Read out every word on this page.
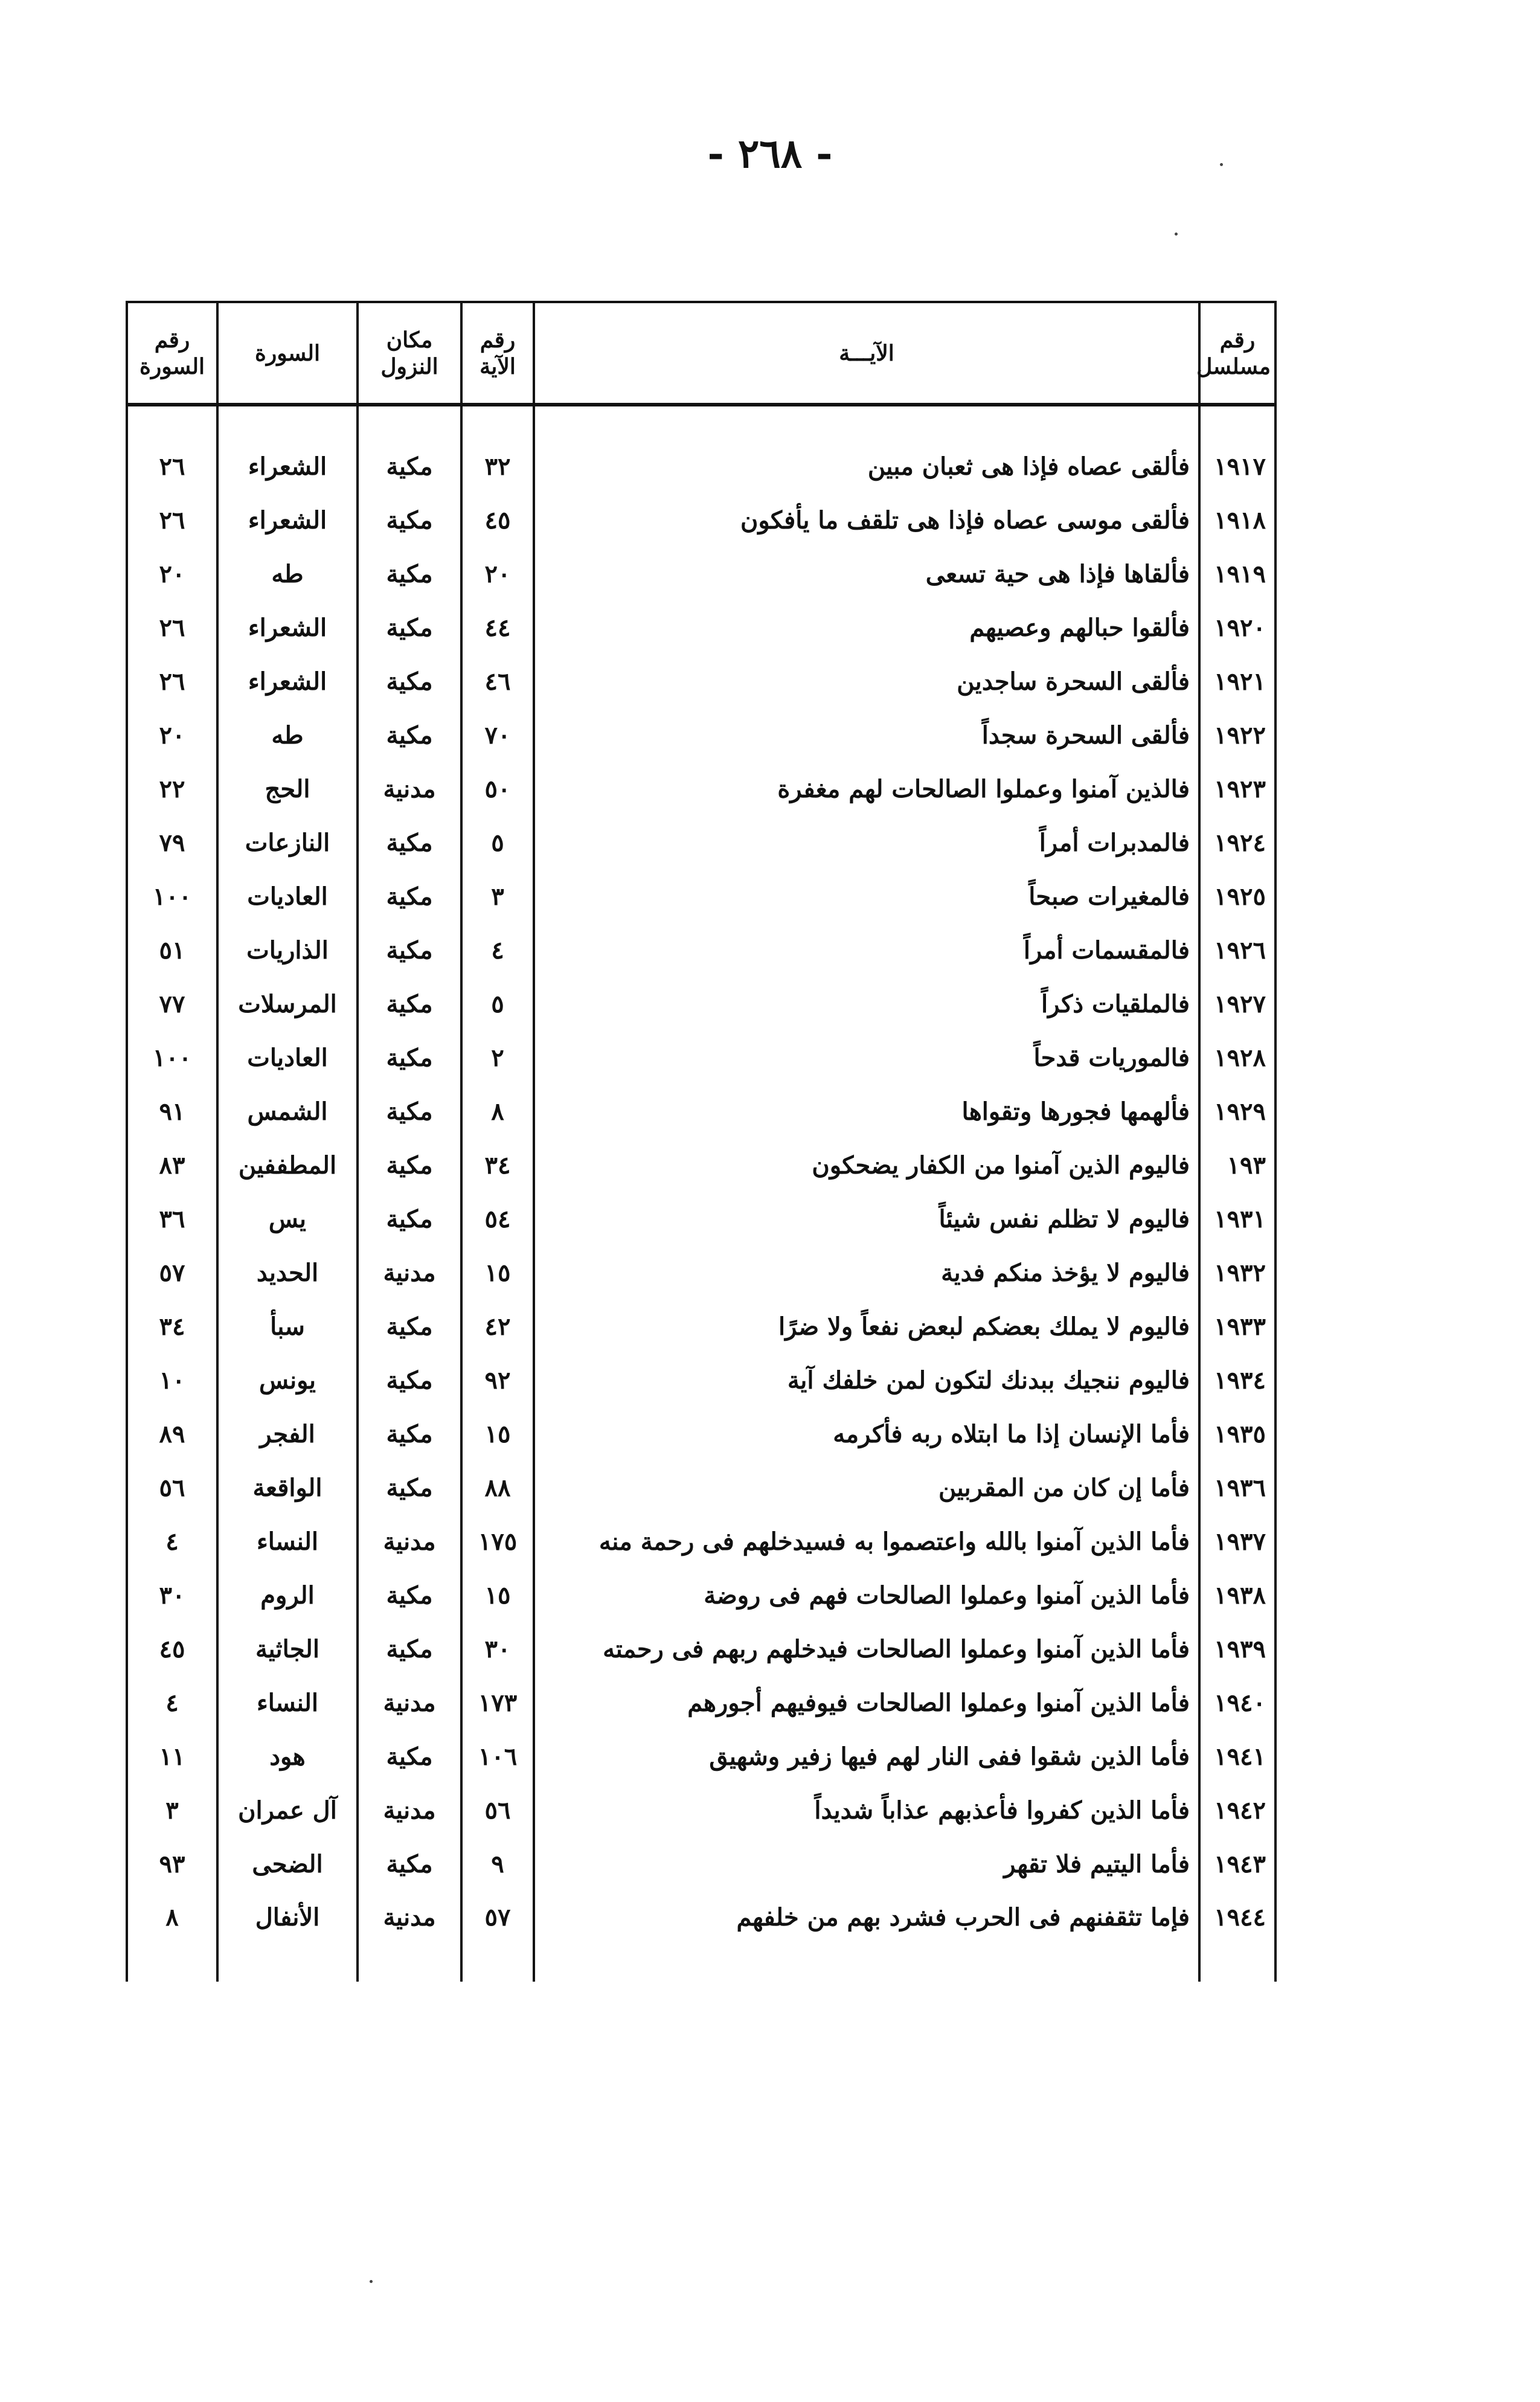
- ٢٦٨ -
رقم مسلسل	الآيـــة	رقم الآية	مكان النزول	السورة	رقم السورة

١٩١٧	فألقى عصاه فإذا هى ثعبان مبين	٣٢	مكية	الشعراء	٢٦
١٩١٨	فألقى موسى عصاه فإذا هى تلقف ما يأفكون	٤٥	مكية	الشعراء	٢٦
١٩١٩	فألقاها فإذا هى حية تسعى	٢٠	مكية	طه	٢٠
١٩٢٠	فألقوا حبالهم وعصيهم	٤٤	مكية	الشعراء	٢٦
١٩٢١	فألقى السحرة ساجدين	٤٦	مكية	الشعراء	٢٦
١٩٢٢	فألقى السحرة سجداً	٧٠	مكية	طه	٢٠
١٩٢٣	فالذين آمنوا وعملوا الصالحات لهم مغفرة	٥٠	مدنية	الحج	٢٢
١٩٢٤	فالمدبرات أمراً	٥	مكية	النازعات	٧٩
١٩٢٥	فالمغيرات صبحاً	٣	مكية	العاديات	١٠٠
١٩٢٦	فالمقسمات أمراً	٤	مكية	الذاريات	٥١
١٩٢٧	فالملقيات ذكراً	٥	مكية	المرسلات	٧٧
١٩٢٨	فالموريات قدحاً	٢	مكية	العاديات	١٠٠
١٩٢٩	فألهمها فجورها وتقواها	٨	مكية	الشمس	٩١
١٩٣	فاليوم الذين آمنوا من الكفار يضحكون	٣٤	مكية	المطففين	٨٣
١٩٣١	فاليوم لا تظلم نفس شيئاً	٥٤	مكية	يس	٣٦
١٩٣٢	فاليوم لا يؤخذ منكم فدية	١٥	مدنية	الحديد	٥٧
١٩٣٣	فاليوم لا يملك بعضكم لبعض نفعاً ولا ضرًا	٤٢	مكية	سبأ	٣٤
١٩٣٤	فاليوم ننجيك ببدنك لتكون لمن خلفك آية	٩٢	مكية	يونس	١٠
١٩٣٥	فأما الإنسان إذا ما ابتلاه ربه فأكرمه	١٥	مكية	الفجر	٨٩
١٩٣٦	فأما إن كان من المقربين	٨٨	مكية	الواقعة	٥٦
١٩٣٧	فأما الذين آمنوا بالله واعتصموا به فسيدخلهم فى رحمة منه	١٧٥	مدنية	النساء	٤
١٩٣٨	فأما الذين آمنوا وعملوا الصالحات فهم فى روضة	١٥	مكية	الروم	٣٠
١٩٣٩	فأما الذين آمنوا وعملوا الصالحات فيدخلهم ربهم فى رحمته	٣٠	مكية	الجاثية	٤٥
١٩٤٠	فأما الذين آمنوا وعملوا الصالحات فيوفيهم أجورهم	١٧٣	مدنية	النساء	٤
١٩٤١	فأما الذين شقوا ففى النار لهم فيها زفير وشهيق	١٠٦	مكية	هود	١١
١٩٤٢	فأما الذين كفروا فأعذبهم عذاباً شديداً	٥٦	مدنية	آل عمران	٣
١٩٤٣	فأما اليتيم فلا تقهر	٩	مكية	الضحى	٩٣
١٩٤٤	فإما تثقفنهم فى الحرب فشرد بهم من خلفهم	٥٧	مدنية	الأنفال	٨
